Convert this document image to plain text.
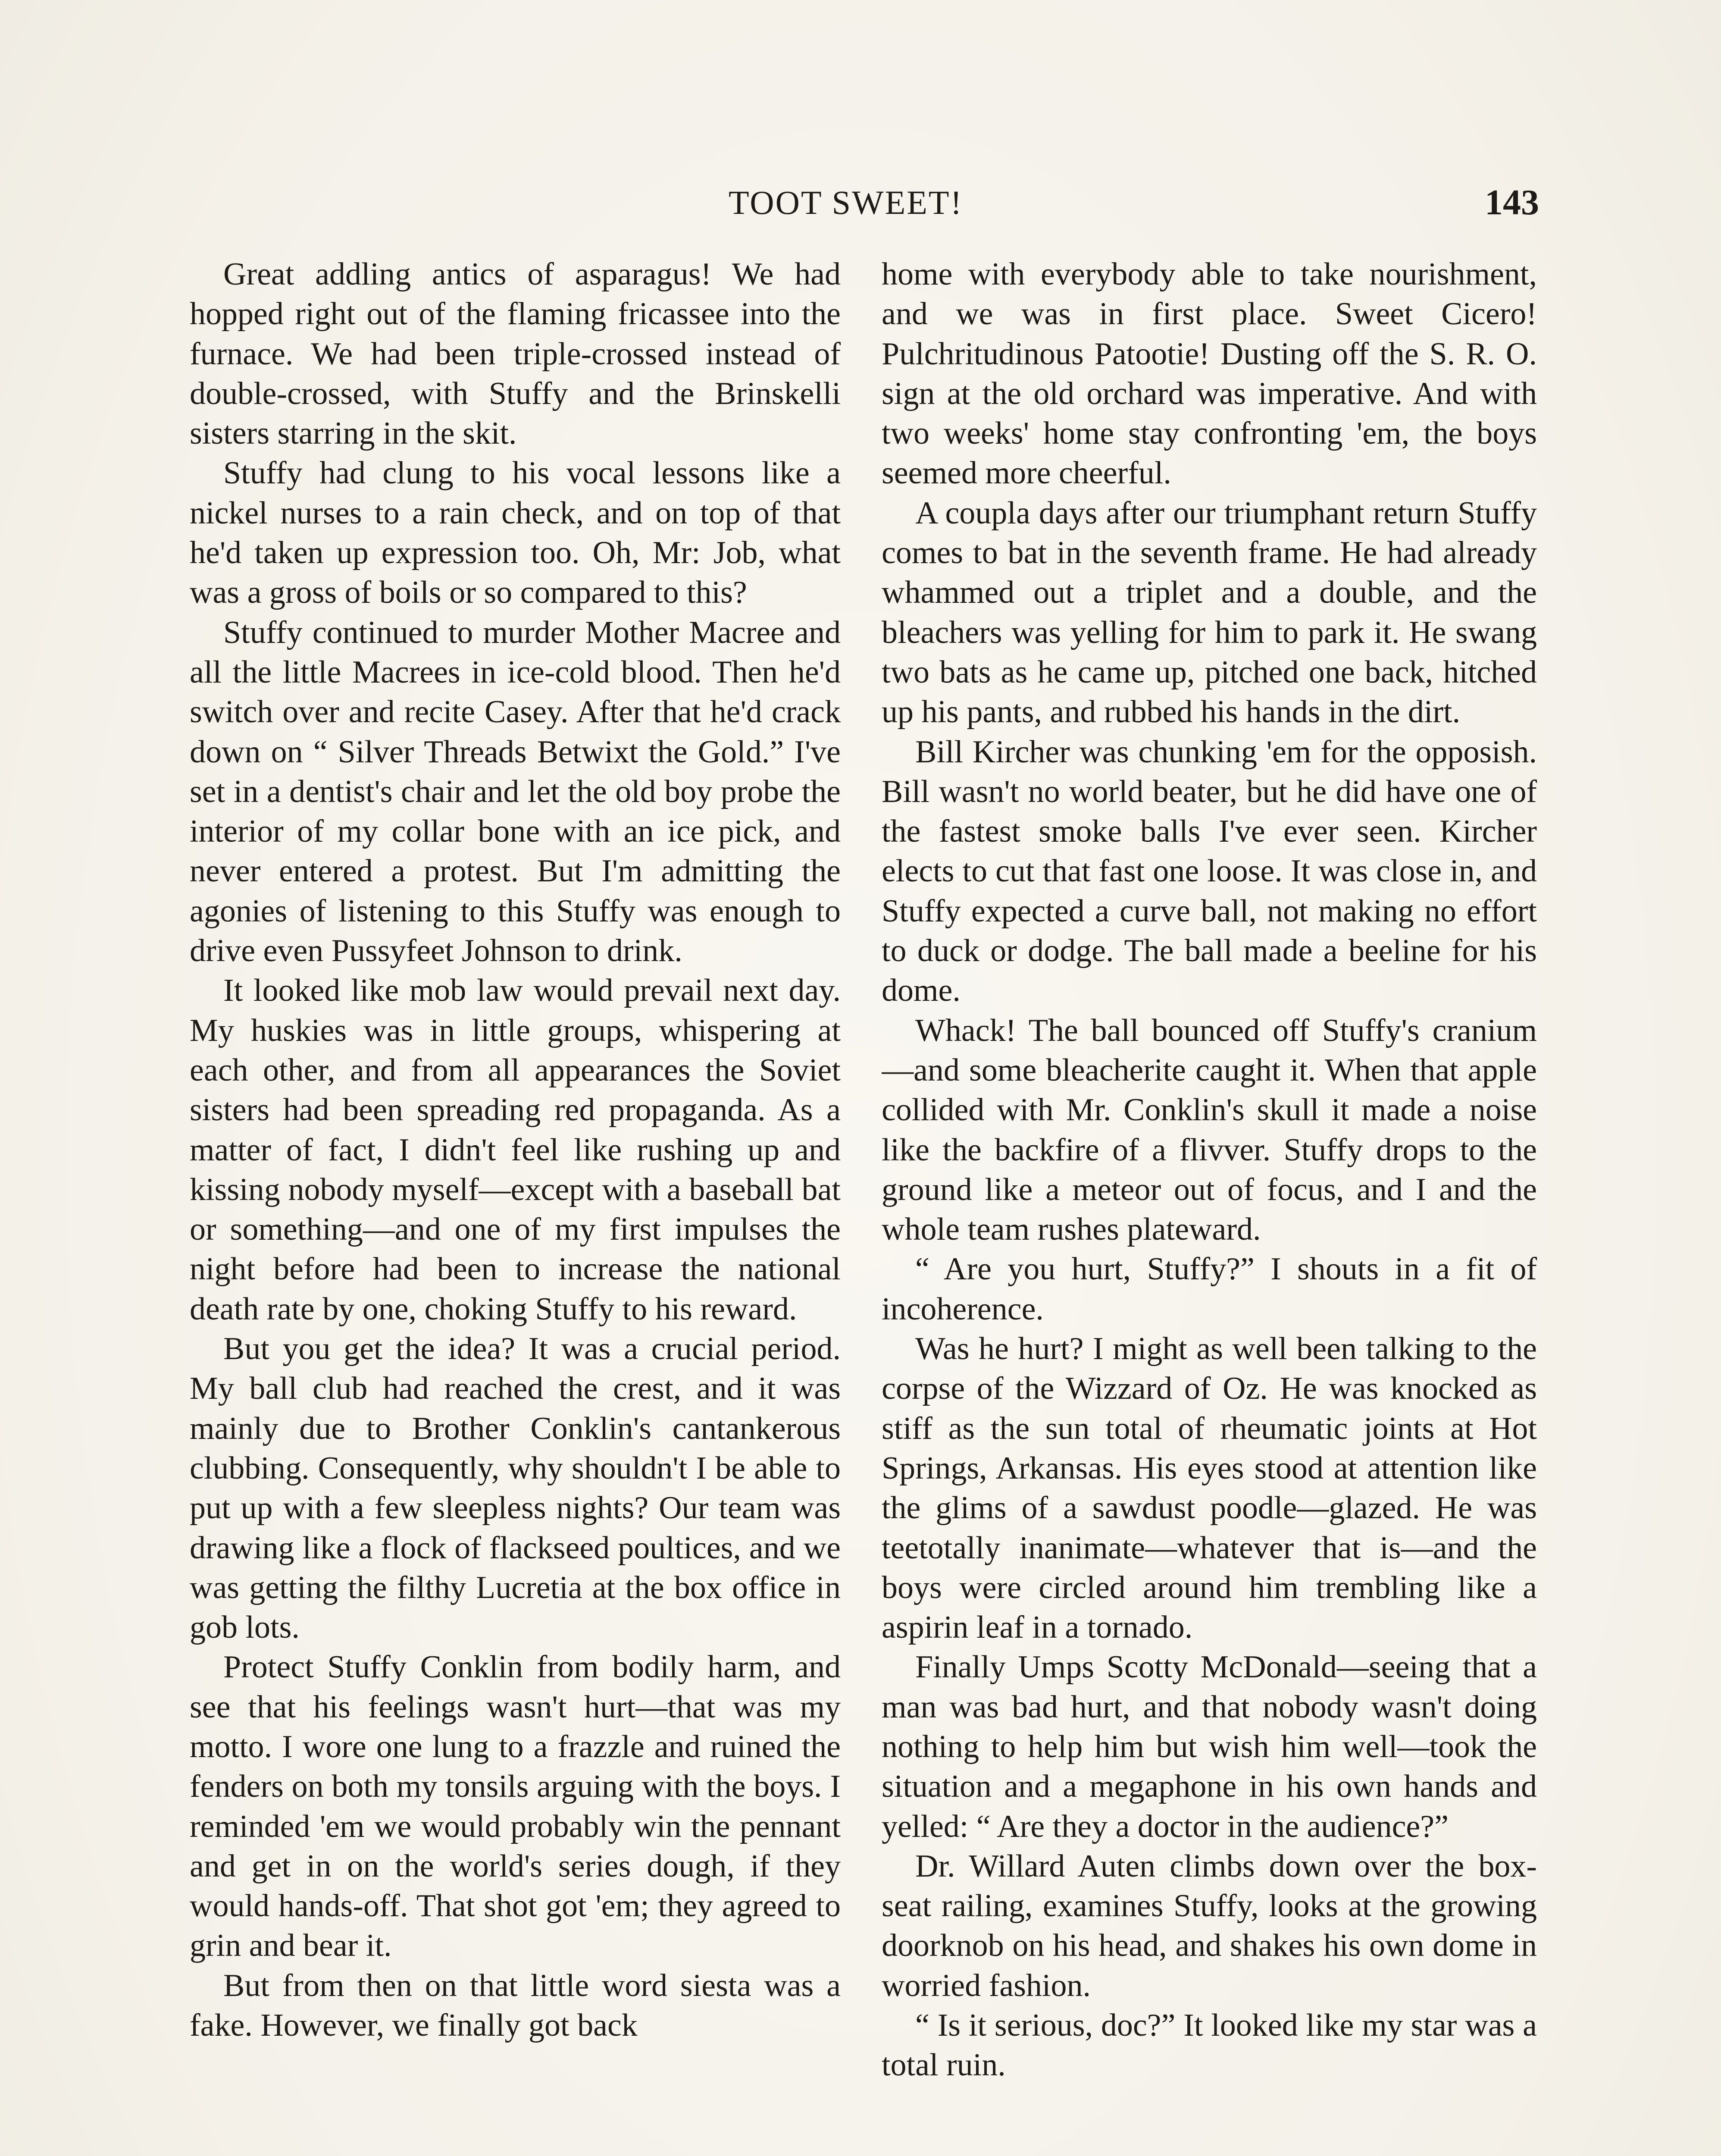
TOOT SWEET!	143

Great addling antics of asparagus! We had hopped right out of the flaming fricassee into the furnace. We had been triple-crossed instead of double-crossed, with Stuffy and the Brinskelli sisters starring in the skit.

Stuffy had clung to his vocal lessons like a nickel nurses to a rain check, and on top of that he'd taken up expression too. Oh, Mr: Job, what was a gross of boils or so compared to this?

Stuffy continued to murder Mother Macree and all the little Macrees in ice-cold blood. Then he'd switch over and recite Casey. After that he'd crack down on “ Silver Threads Betwixt the Gold.” I've set in a dentist's chair and let the old boy probe the interior of my collar bone with an ice pick, and never entered a protest. But I'm admitting the agonies of listening to this Stuffy was enough to drive even Pussyfeet Johnson to drink.

It looked like mob law would prevail next day. My huskies was in little groups, whispering at each other, and from all appearances the Soviet sisters had been spreading red propaganda. As a matter of fact, I didn't feel like rushing up and kissing nobody myself—except with a baseball bat or something—and one of my first impulses the night before had been to increase the national death rate by one, choking Stuffy to his reward.

But you get the idea? It was a crucial period. My ball club had reached the crest, and it was mainly due to Brother Conklin's cantankerous clubbing. Consequently, why shouldn't I be able to put up with a few sleepless nights? Our team was drawing like a flock of flackseed poultices, and we was getting the filthy Lucretia at the box office in gob lots.

Protect Stuffy Conklin from bodily harm, and see that his feelings wasn't hurt—that was my motto. I wore one lung to a frazzle and ruined the fenders on both my tonsils arguing with the boys. I reminded 'em we would probably win the pennant and get in on the world's series dough, if they would hands-off. That shot got 'em; they agreed to grin and bear it.

But from then on that little word siesta was a fake. However, we finally got back

home with everybody able to take nourishment, and we was in first place. Sweet Cicero! Pulchritudinous Patootie! Dusting off the S. R. O. sign at the old orchard was imperative. And with two weeks' home stay confronting 'em, the boys seemed more cheerful.

A coupla days after our triumphant return Stuffy comes to bat in the seventh frame. He had already whammed out a triplet and a double, and the bleachers was yelling for him to park it. He swang two bats as he came up, pitched one back, hitched up his pants, and rubbed his hands in the dirt.

Bill Kircher was chunking 'em for the opposish. Bill wasn't no world beater, but he did have one of the fastest smoke balls I've ever seen. Kircher elects to cut that fast one loose. It was close in, and Stuffy expected a curve ball, not making no effort to duck or dodge. The ball made a beeline for his dome.

Whack! The ball bounced off Stuffy's cranium—and some bleacherite caught it. When that apple collided with Mr. Conklin's skull it made a noise like the backfire of a flivver. Stuffy drops to the ground like a meteor out of focus, and I and the whole team rushes plateward.

“ Are you hurt, Stuffy?” I shouts in a fit of incoherence.

Was he hurt? I might as well been talking to the corpse of the Wizzard of Oz. He was knocked as stiff as the sun total of rheumatic joints at Hot Springs, Arkansas. His eyes stood at attention like the glims of a sawdust poodle—glazed. He was teetotally inanimate—whatever that is—and the boys were circled around him trembling like a aspirin leaf in a tornado.

Finally Umps Scotty McDonald—seeing that a man was bad hurt, and that nobody wasn't doing nothing to help him but wish him well—took the situation and a megaphone in his own hands and yelled: “ Are they a doctor in the audience?”

Dr. Willard Auten climbs down over the box-seat railing, examines Stuffy, looks at the growing doorknob on his head, and shakes his own dome in worried fashion.

“ Is it serious, doc?” It looked like my star was a total ruin.
